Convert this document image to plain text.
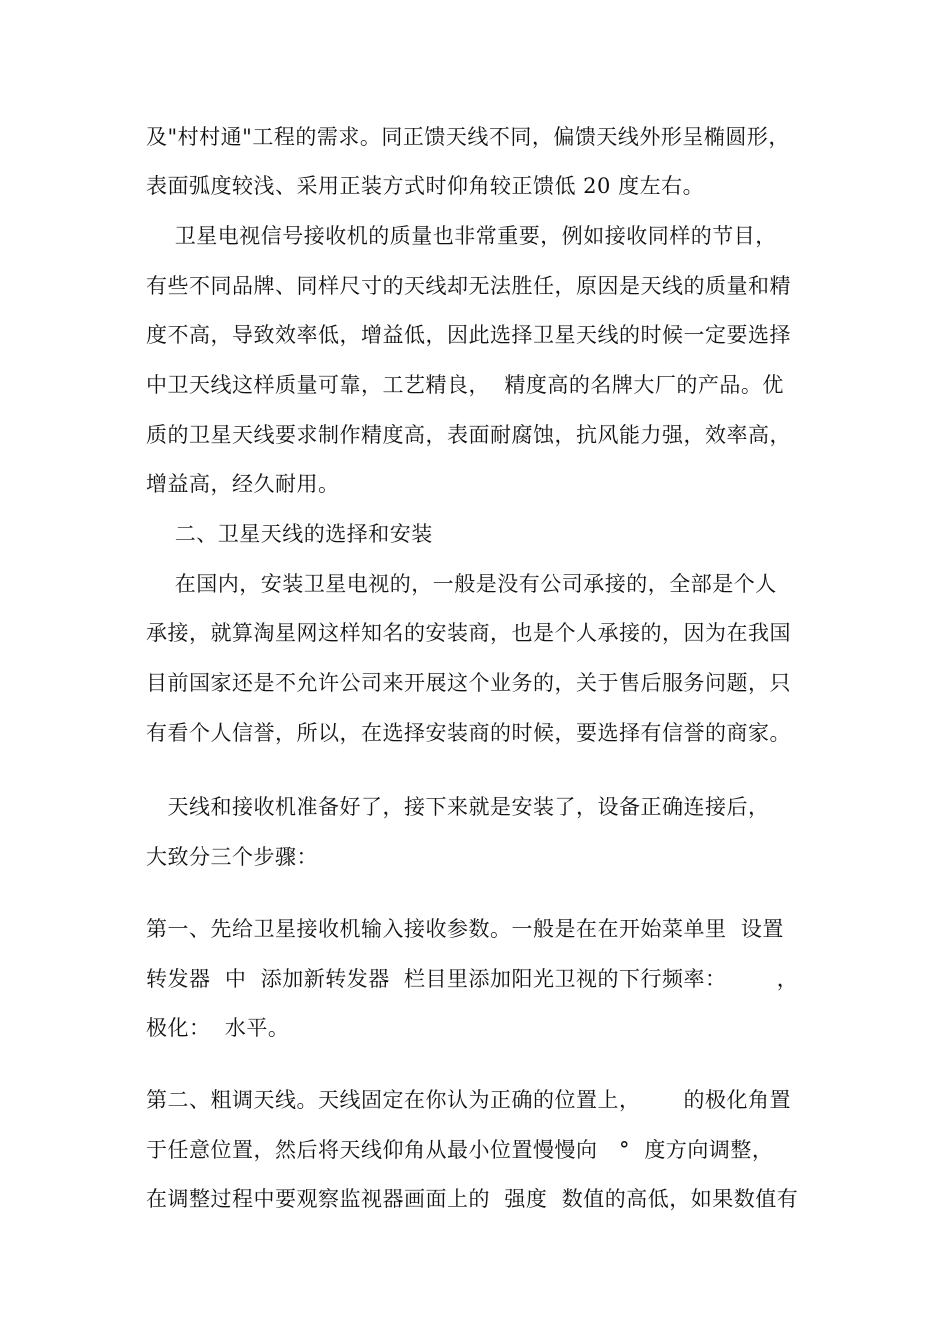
及"村村通"工程的需求。同正馈天线不同，偏馈天线外形呈椭圆形，
表面弧度较浅、采用正装方式时仰角较正馈低 20 度左右。
卫星电视信号接收机的质量也非常重要，例如接收同样的节目，
有些不同品牌、同样尺寸的天线却无法胜任，原因是天线的质量和精
度不高，导致效率低，增益低，因此选择卫星天线的时候一定要选择
中卫天线这样质量可靠，工艺精良，  精度高的名牌大厂的产品。优
质的卫星天线要求制作精度高，表面耐腐蚀，抗风能力强，效率高，
增益高，经久耐用。
二、卫星天线的选择和安装
在国内，安装卫星电视的，一般是没有公司承接的，全部是个人
承接，就算淘星网这样知名的安装商，也是个人承接的，因为在我国
目前国家还是不允许公司来开展这个业务的，关于售后服务问题，只
有看个人信誉，所以，在选择安装商的时候，要选择有信誉的商家。
天线和接收机准备好了，接下来就是安装了，设备正确连接后，
大致分三个步骤：
第一、先给卫星接收机输入接收参数。一般是在在开始菜单里  设置
转发器  中  添加新转发器  栏目里添加阳光卫视的下行频率：       ，
极化：  水平。
第二、粗调天线。天线固定在你认为正确的位置上，      的极化角置
于任意位置，然后将天线仰角从最小位置慢慢向   °  度方向调整，
在调整过程中要观察监视器画面上的  强度  数值的高低，如果数值有
